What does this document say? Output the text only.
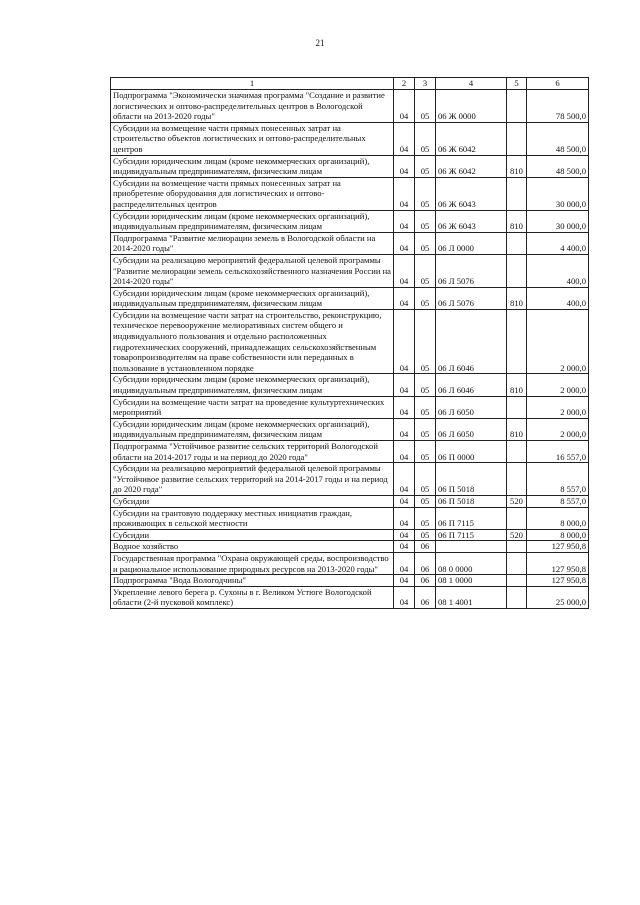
21
1	2	3	4	5	6
Подпрограмма "Экономически значимая программа "Создание и развитие логистических и оптово-распределительных центров в Вологодской области на 2013-2020 годы"	04	05	06 Ж 0000		78 500,0
Субсидии на возмещение части прямых понесенных затрат на строительство объектов логистических и оптово-распределительных центров	04	05	06 Ж 6042		48 500,0
Субсидии юридическим лицам (кроме некоммерческих организаций), индивидуальным предпринимателям, физическим лицам	04	05	06 Ж 6042	810	48 500,0
Субсидии на возмещение части прямых понесенных затрат на приобретение оборудования для логистических и оптово-распределительных центров	04	05	06 Ж 6043		30 000,0
Субсидии юридическим лицам (кроме некоммерческих организаций), индивидуальным предпринимателям, физическим лицам	04	05	06 Ж 6043	810	30 000,0
Подпрограмма "Развитие мелиорации земель в Вологодской области на 2014-2020 годы"	04	05	06 Л 0000		4 400,0
Субсидии на реализацию мероприятий федеральной целевой программы "Развитие мелиорации земель сельскохозяйственного назначения России на 2014-2020 годы"	04	05	06 Л 5076		400,0
Субсидии юридическим лицам (кроме некоммерческих организаций), индивидуальным предпринимателям, физическим лицам	04	05	06 Л 5076	810	400,0
Субсидии на возмещение части затрат на строительство, реконструкцию, техническое перевооружение мелиоративных систем общего и индивидуального пользования и отдельно расположенных гидротехнических сооружений, принадлежащих сельскохозяйственным товаропроизводителям на праве собственности или переданных в пользование в установленном порядке	04	05	06 Л 6046		2 000,0
Субсидии юридическим лицам (кроме некоммерческих организаций), индивидуальным предпринимателям, физическим лицам	04	05	06 Л 6046	810	2 000,0
Субсидии на возмещение части затрат на проведение культуртехнических мероприятий	04	05	06 Л 6050		2 000,0
Субсидии юридическим лицам (кроме некоммерческих организаций), индивидуальным предпринимателям, физическим лицам	04	05	06 Л 6050	810	2 000,0
Подпрограмма "Устойчивое развитие сельских территорий Вологодской области на 2014-2017 годы и на период до 2020 года"	04	05	06 П 0000		16 557,0
Субсидии на реализацию мероприятий федеральной целевой программы "Устойчивое развитие сельских территорий на 2014-2017 годы и на период до 2020 года"	04	05	06 П 5018		8 557,0
Субсидии	04	05	06 П 5018	520	8 557,0
Субсидии на грантовую поддержку местных инициатив граждан, проживающих в сельской местности	04	05	06 П 7115		8 000,0
Субсидии	04	05	06 П 7115	520	8 000,0
Водное хозяйство	04	06			127 950,8
Государственная программа "Охрана окружающей среды, воспроизводство и рациональное использование природных ресурсов на 2013-2020 годы"	04	06	08 0 0000		127 950,8
Подпрограмма "Вода Вологодчины"	04	06	08 1 0000		127 950,8
Укрепление левого берега р. Сухоны в г. Великом Устюге Вологодской области (2-й пусковой комплекс)	04	06	08 1 4001		25 000,0
